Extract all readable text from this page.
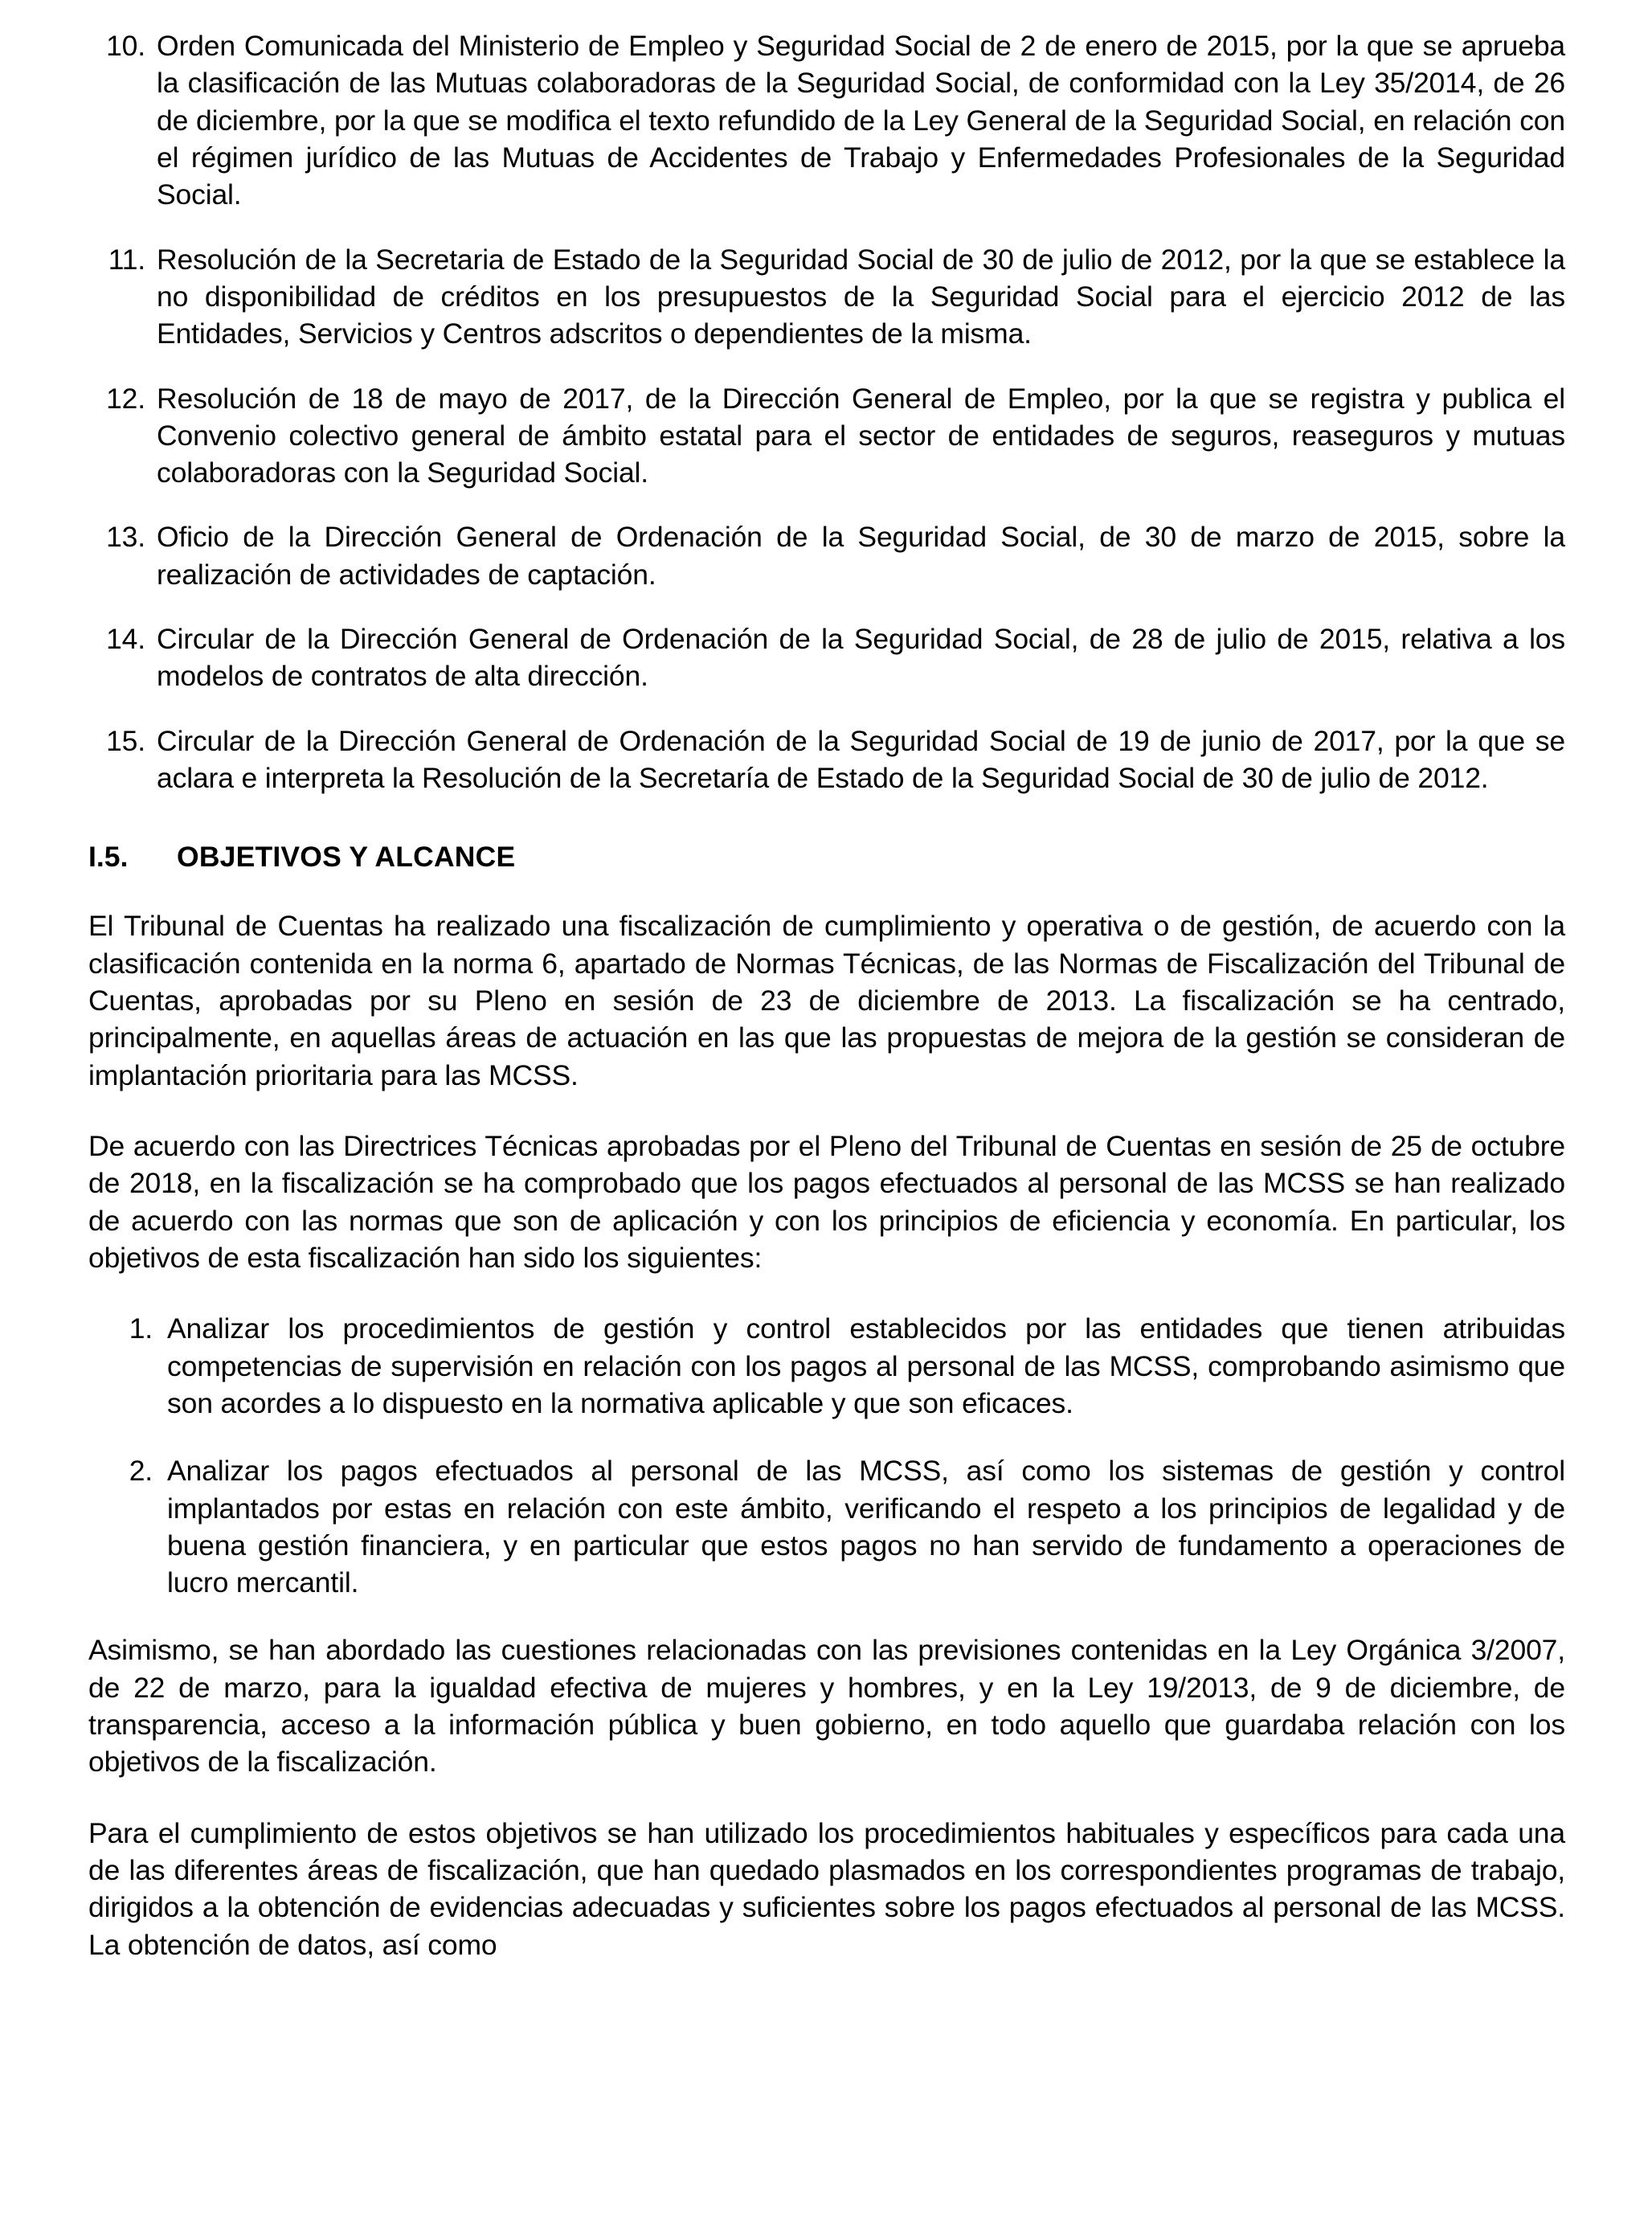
10. Orden Comunicada del Ministerio de Empleo y Seguridad Social de 2 de enero de 2015, por la que se aprueba la clasificación de las Mutuas colaboradoras de la Seguridad Social, de conformidad con la Ley 35/2014, de 26 de diciembre, por la que se modifica el texto refundido de la Ley General de la Seguridad Social, en relación con el régimen jurídico de las Mutuas de Accidentes de Trabajo y Enfermedades Profesionales de la Seguridad Social.
11. Resolución de la Secretaria de Estado de la Seguridad Social de 30 de julio de 2012, por la que se establece la no disponibilidad de créditos en los presupuestos de la Seguridad Social para el ejercicio 2012 de las Entidades, Servicios y Centros adscritos o dependientes de la misma.
12. Resolución de 18 de mayo de 2017, de la Dirección General de Empleo, por la que se registra y publica el Convenio colectivo general de ámbito estatal para el sector de entidades de seguros, reaseguros y mutuas colaboradoras con la Seguridad Social.
13. Oficio de la Dirección General de Ordenación de la Seguridad Social, de 30 de marzo de 2015, sobre la realización de actividades de captación.
14. Circular de la Dirección General de Ordenación de la Seguridad Social, de 28 de julio de 2015, relativa a los modelos de contratos de alta dirección.
15. Circular de la Dirección General de Ordenación de la Seguridad Social de 19 de junio de 2017, por la que se aclara e interpreta la Resolución de la Secretaría de Estado de la Seguridad Social de 30 de julio de 2012.
I.5.	OBJETIVOS Y ALCANCE

El Tribunal de Cuentas ha realizado una fiscalización de cumplimiento y operativa o de gestión, de acuerdo con la clasificación contenida en la norma 6, apartado de Normas Técnicas, de las Normas de Fiscalización del Tribunal de Cuentas, aprobadas por su Pleno en sesión de 23 de diciembre de 2013. La fiscalización se ha centrado, principalmente, en aquellas áreas de actuación en las que las propuestas de mejora de la gestión se consideran de implantación prioritaria para las MCSS.

De acuerdo con las Directrices Técnicas aprobadas por el Pleno del Tribunal de Cuentas en sesión de 25 de octubre de 2018, en la fiscalización se ha comprobado que los pagos efectuados al personal de las MCSS se han realizado de acuerdo con las normas que son de aplicación y con los principios de eficiencia y economía. En particular, los objetivos de esta fiscalización han sido los siguientes:

1. Analizar los procedimientos de gestión y control establecidos por las entidades que tienen atribuidas competencias de supervisión en relación con los pagos al personal de las MCSS, comprobando asimismo que son acordes a lo dispuesto en la normativa aplicable y que son eficaces.
2. Analizar los pagos efectuados al personal de las MCSS, así como los sistemas de gestión y control implantados por estas en relación con este ámbito, verificando el respeto a los principios de legalidad y de buena gestión financiera, y en particular que estos pagos no han servido de fundamento a operaciones de lucro mercantil.

Asimismo, se han abordado las cuestiones relacionadas con las previsiones contenidas en la Ley Orgánica 3/2007, de 22 de marzo, para la igualdad efectiva de mujeres y hombres, y en la Ley 19/2013, de 9 de diciembre, de transparencia, acceso a la información pública y buen gobierno, en todo aquello que guardaba relación con los objetivos de la fiscalización.

Para el cumplimiento de estos objetivos se han utilizado los procedimientos habituales y específicos para cada una de las diferentes áreas de fiscalización, que han quedado plasmados en los correspondientes programas de trabajo, dirigidos a la obtención de evidencias adecuadas y suficientes sobre los pagos efectuados al personal de las MCSS. La obtención de datos, así como
